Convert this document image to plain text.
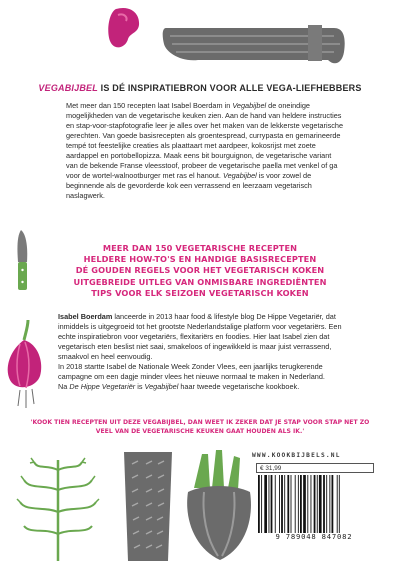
VEGABIJBEL IS DÉ INSPIRATIEBRON VOOR ALLE VEGA-LIEFHEBBERS

Met meer dan 150 recepten laat Isabel Boerdam in Vegabijbel de oneindige mogelijkheden van de vegetarische keuken zien. Aan de hand van heldere instructies en stap-voor-stapfotografie leer je alles over het maken van de lekkerste vegetarische gerechten. Van goede basisrecepten als groentespread, currypasta en gemarineerde tempé tot feestelijke creaties als plaattaart met aardpeer, kokosrijst met zoete aardappel en portobellopizza. Maak eens bit bourguignon, de vegetarische variant van de bekende Franse vleesstoof, probeer de vegetarische paella met venkel of ga voor de wortel-walnootburger met ras el hanout. Vegabijbel is voor zowel de beginnende als de gevorderde kok een verrassend en leerzaam vegetarisch naslagwerk.

MEER DAN 150 VEGETARISCHE RECEPTEN
HELDERE HOW-TO'S EN HANDIGE BASISRECEPTEN
DÉ GOUDEN REGELS VOOR HET VEGETARISCH KOKEN
UITGEBREIDE UITLEG VAN ONMISBARE INGREDIËNTEN
TIPS VOOR ELK SEIZOEN VEGETARISCH KOKEN

Isabel Boerdam lanceerde in 2013 haar food & lifestyle blog De Hippe Vegetariër, dat inmiddels is uitgegroeid tot het grootste Nederlandstalige platform voor vegetariërs. Een echte inspiratiebron voor vegetariërs, flexitariërs en foodies. Hier laat Isabel zien dat vegetarisch eten beslist niet saai, smakeloos of ingewikkeld is maar juist verrassend, smaakvol en heel eenvoudig.
In 2018 startte Isabel de Nationale Week Zonder Vlees, een jaarlijks terugkerende campagne om een dagje minder vlees het nieuwe normaal te maken in Nederland.
Na De Hippe Vegetariër is Vegabijbel haar tweede vegetarische kookboek.

'KOOK TIEN RECEPTEN UIT DEZE VEGABIJBEL, DAN WEET IK ZEKER DAT JE STAP VOOR STAP NET ZO VEEL VAN DE VEGETARISCHE KEUKEN GAAT HOUDEN ALS IK.'

WWW.KOOKBIJBELS.NL
€ 31,99
9 789048 847082
